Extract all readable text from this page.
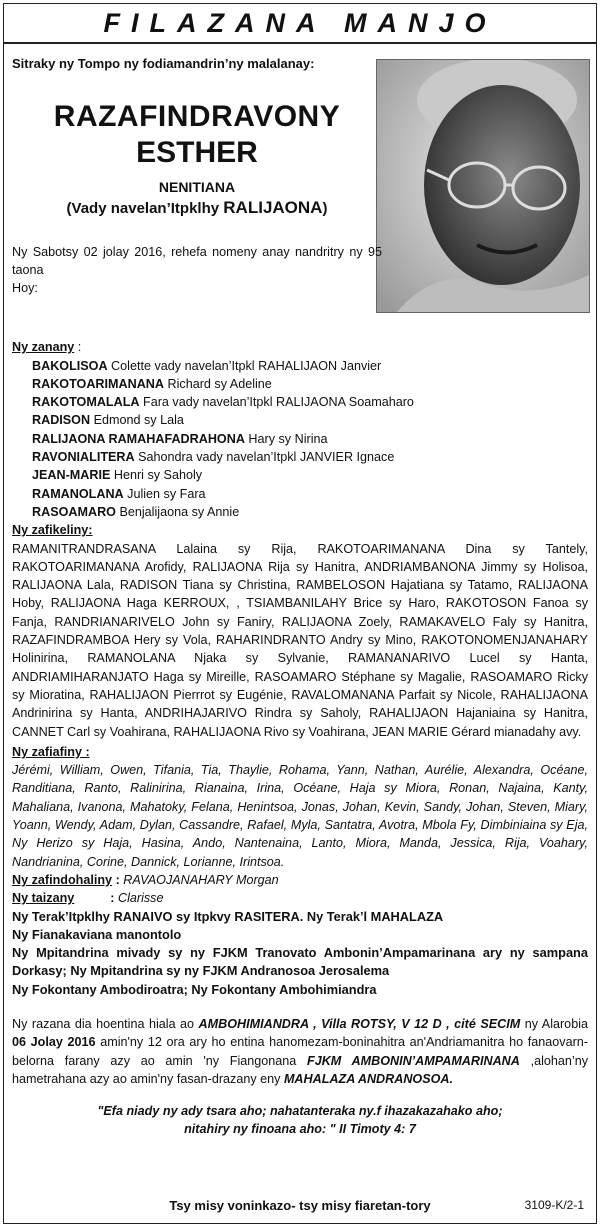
FILAZANA MANJO
Sitraky ny Tompo ny fodiamandrin’ny malalanay:
RAZAFINDRAVONY
ESTHER
NENITIANA
(Vady navelan’Itpklhy RALIJAONA)
Ny Sabotsy 02 jolay 2016, rehefa nomeny anay nandritry ny 95 taona
Hoy:
Ny zanany :
BAKOLISOA Colette vady navelan’Itpkl RAHALIJAON Janvier
RAKOTOARIMANANA Richard sy Adeline
RAKOTOMALALA Fara vady navelan’Itpkl RALIJAONA Soamaharo
RADISON Edmond sy Lala
RALIJAONA RAMAHAFADRAHONA Hary sy Nirina
RAVONIALITERA Sahondra vady navelan’Itpkl JANVIER Ignace
JEAN-MARIE Henri sy Saholy
RAMANOLANA Julien sy Fara
RASOAMARO Benjalijaona sy Annie
Ny zafikeliny:
RAMANITRANDRASANA Lalaina sy Rija, RAKOTOARIMANANA Dina sy Tantely, RAKOTOARIMANANA Arofidy, RALIJAONA Rija sy Hanitra, ANDRIAMBANONA Jimmy sy Holisoa, RALIJAONA Lala, RADISON Tiana sy Christina, RAMBELOSON Hajatiana sy Tatamo, RALIJAONA Hoby, RALIJAONA Haga KERROUX, , TSIAMBANILAHY Brice sy Haro, RAKOTOSON Fanoa sy Fanja, RANDRIANARIVELO John sy Faniry, RALIJAONA Zoely, RAMAKAVELO Faly sy Hanitra, RAZAFINDRAMBOA Hery sy Vola, RAHARINDRANTO Andry sy Mino, RAKOTONOMENJANAHARY Holinirina, RAMANOLANA Njaka sy Sylvanie, RAMANANARIVO Lucel sy Hanta, ANDRIAMIHARANJATO Haga sy Mireille, RASOAMARO Stéphane sy Magalie, RASOAMARO Ricky sy Mioratina, RAHALIJAON Pierrrot sy Eugénie, RAVALOMANANA Parfait sy Nicole, RAHALIJAONA Andrinirina sy Hanta, ANDRIHAJARIVO Rindra sy Saholy, RAHALIJAON Hajaniaina sy Hanitra, CANNET Carl sy Voahirana, RAHALIJAONA Rivo sy Voahirana, JEAN MARIE Gérard mianadahy avy.
Ny zafiafiny :
Jérémi, William, Owen, Tifania, Tia, Thaylie, Rohama, Yann, Nathan, Aurélie, Alexandra, Océane, Randitiana, Ranto, Ralinirina, Rianaina, Irina, Océane, Haja sy Miora, Ronan, Najaina, Kanty, Mahaliana, Ivanona, Mahatoky, Felana, Henintsoa, Jonas, Johan, Kevin, Sandy, Johan, Steven, Miary, Yoann, Wendy, Adam, Dylan, Cassandre, Rafael, Myla, Santatra, Avotra, Mbola Fy, Dimbiniaina sy Eja, Ny Herizo sy Haja, Hasina, Ando, Nantenaina, Lanto, Miora, Manda, Jessica, Rija, Voahary, Nandrianina, Corine, Dannick, Lorianne, Irintsoa.
Ny zafindohaliny : RAVAOJANAHARY Morgan
Ny taizany	: Clarisse
Ny Terak’Itpklhy RANAIVO sy Itpkvy RASITERA. Ny Terak’l MAHALAZA
Ny Fianakaviana manontolo
Ny Mpitandrina mivady sy ny FJKM Tranovato Ambonin’Ampamarinana ary ny sampana Dorkasy; Ny Mpitandrina sy ny FJKM Andranosoa Jerosalema
Ny Fokontany Ambodiroatra; Ny Fokontany Ambohimiandra
Ny razana dia hoentina hiala ao AMBOHIMIANDRA , Villa ROTSY, V 12 D , cité SECIM ny Alarobia 06 Jolay 2016 amin'ny 12 ora ary ho entina hanomezam-boninahitra an'Andriamanitra ho fanaovarn-belorna farany azy ao amin 'ny Fiangonana FJKM AMBONIN’AMPAMARINANA ,alohan’ny hametrahana azy ao amin'ny fasan-drazany eny MAHALAZA ANDRANOSOA.
"Efa niady ny ady tsara aho; nahatanteraka ny.f ihazakazahako aho;
nitahiry ny finoana aho: " II Timoty 4: 7
Tsy misy voninkazo- tsy misy fiaretan-tory	3109-K/2-1
